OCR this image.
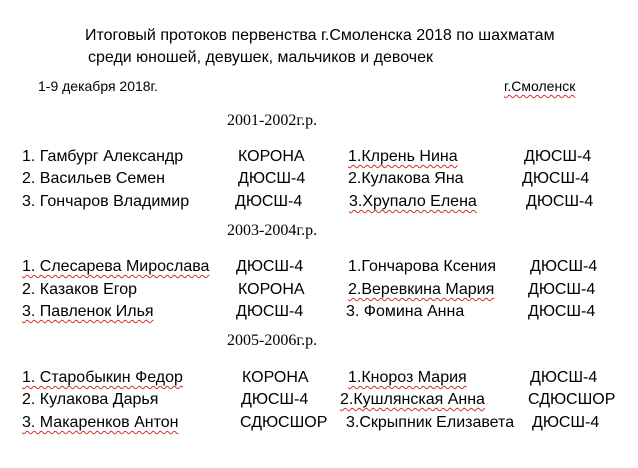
Итоговый протоков первенства г.Смоленска 2018 по шахматам
среди юношей, девушек, мальчиков и девочек
1-9 декабря 2018г.	г.Смоленск
2001-2002г.р.
1. Гамбург Александр	КОРОНА	1.Клрень Нина	ДЮСШ-4
2. Васильев Семен	ДЮСШ-4	2.Кулакова Яна	ДЮСШ-4
3. Гончаров Владимир	ДЮСШ-4	3.Хрупало Елена	ДЮСШ-4
2003-2004г.р.
1. Слесарева Мирослава ДЮСШ-4	1.Гончарова Ксения ДЮСШ-4
2. Казаков Егор	КОРОНА	2.Веревкина Мария ДЮСШ-4
3. Павленок Илья	ДЮСШ-4	3. Фомина Анна	ДЮСШ-4
2005-2006г.р.
1. Старобыкин Федор	КОРОНА 1.Кнороз Мария	ДЮСШ-4
2. Кулакова Дарья	ДЮСШ-4 2.Кушлянская Анна	СДЮСШОР
3. Макаренков Антон	СДЮСШОР 3.Скрыпник Елизавета ДЮСШ-4
